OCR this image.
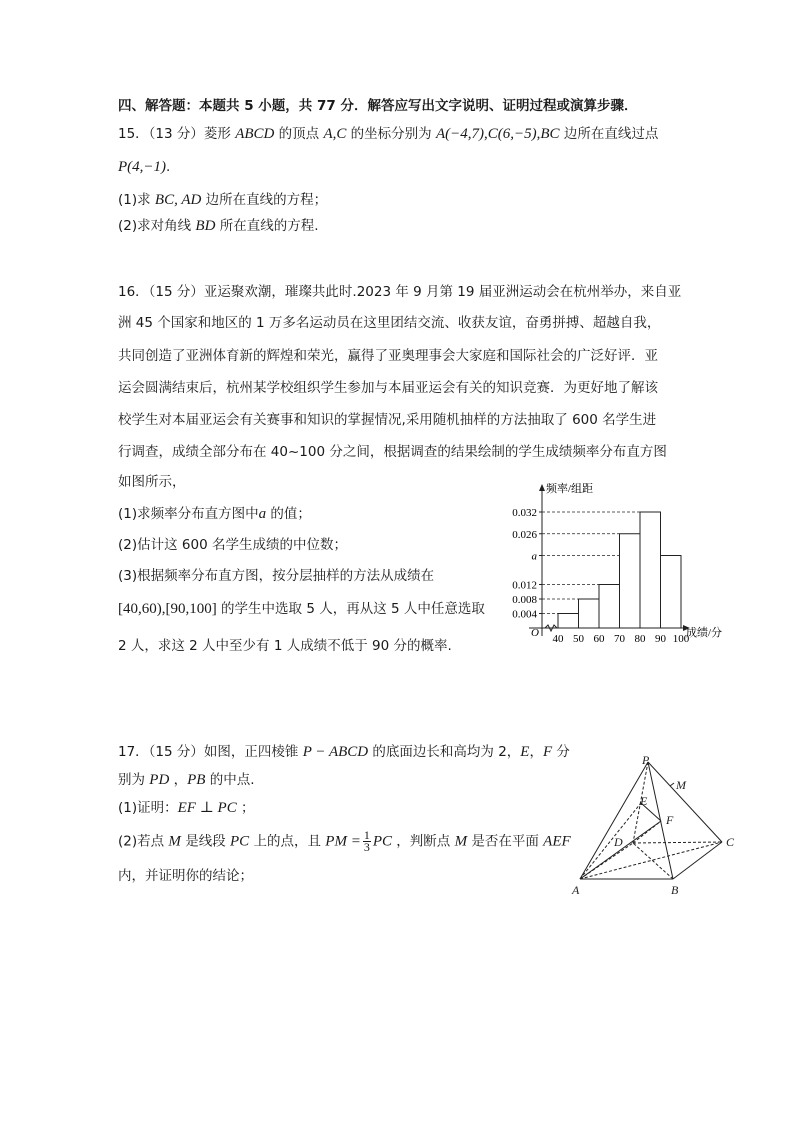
四、解答题：本题共 5 小题，共 77 分．解答应写出文字说明、证明过程或演算步骤．
15．（13 分）菱形 ABCD 的顶点 A,C 的坐标分别为 A(−4,7),C(6,−5),BC 边所在直线过点
P(4,−1).
(1)求 BC, AD 边所在直线的方程；
(2)求对角线 BD 所在直线的方程.
16．（15 分）亚运聚欢潮，璀璨共此时.2023 年 9 月第 19 届亚洲运动会在杭州举办，来自亚
洲 45 个国家和地区的 1 万多名运动员在这里团结交流、收获友谊，奋勇拼搏、超越自我，
共同创造了亚洲体育新的辉煌和荣光，赢得了亚奥理事会大家庭和国际社会的广泛好评．亚
运会圆满结束后，杭州某学校组织学生参加与本届亚运会有关的知识竞赛．为更好地了解该
校学生对本届亚运会有关赛事和知识的掌握情况,采用随机抽样的方法抽取了 600 名学生进
行调查，成绩全部分布在 40~100 分之间，根据调查的结果绘制的学生成绩频率分布直方图
如图所示，
(1)求频率分布直方图中a 的值；
(2)估计这 600 名学生成绩的中位数；
(3)根据频率分布直方图，按分层抽样的方法从成绩在
[40,60),[90,100] 的学生中选取 5 人，再从这 5 人中任意选取
2 人，求这 2 人中至少有 1 人成绩不低于 90 分的概率.
O
频率/组距
成绩/分
0.004
0.008
0.012
a
0.026
0.032
40 50 60 70 80 90 100
17．（15 分）如图，正四棱锥 P − ABCD 的底面边长和高均为 2，E，F 分
别为 PD ，PB 的中点.
(1)证明：EF ⊥ PC ；
(2)若点 M 是线段 PC 上的点，且 PM = $\frac{1}{3}$ PC ，判断点 M 是否在平面 AEF
内，并证明你的结论；
P
M
E
F
D	C
A	B
